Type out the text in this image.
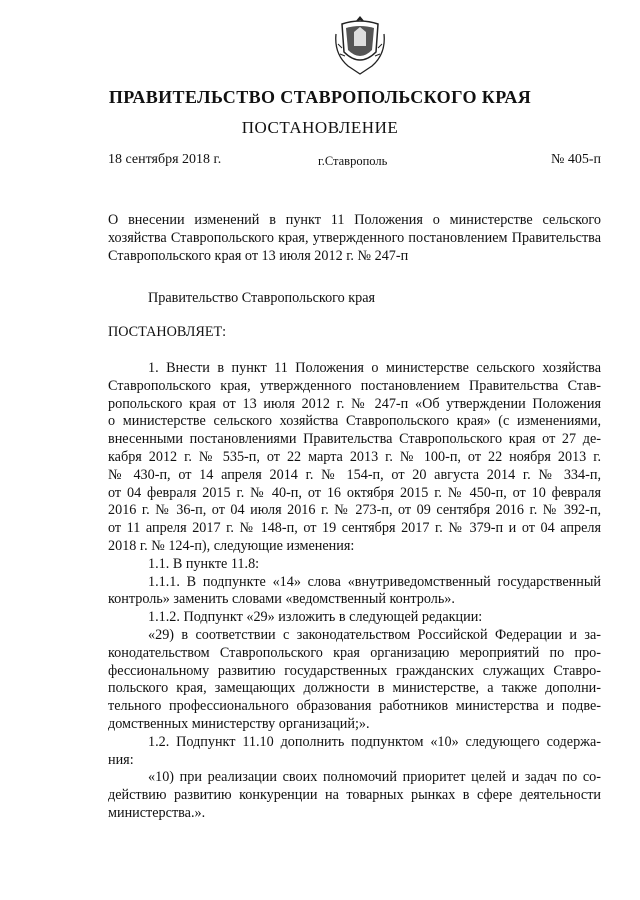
ПРАВИТЕЛЬСТВО СТАВРОПОЛЬСКОГО КРАЯ
ПОСТАНОВЛЕНИЕ
18 сентября 2018 г.	г.Ставрополь	№ 405-п
О внесении изменений в пункт 11 Положения о министерстве сельского хозяйства Ставропольского края, утвержденного постановлением Правительства Ставропольского края от 13 июля 2012 г. № 247-п
Правительство Ставропольского края
ПОСТАНОВЛЯЕТ:
1. Внести в пункт 11 Положения о министерстве сельского хозяйства
Ставропольского края, утвержденного постановлением Правительства Став-
ропольского края от 13 июля 2012 г. № 247-п «Об утверждении Положения
о министерстве сельского хозяйства Ставропольского края» (с изменениями,
внесенными постановлениями Правительства Ставропольского края от 27 де-
кабря 2012 г. № 535-п, от 22 марта 2013 г. № 100-п, от 22 ноября 2013 г.
№ 430-п, от 14 апреля 2014 г. № 154-п, от 20 августа 2014 г. № 334-п,
от 04 февраля 2015 г. № 40-п, от 16 октября 2015 г. № 450-п, от 10 февраля
2016 г. № 36-п, от 04 июля 2016 г. № 273-п, от 09 сентября 2016 г. № 392-п,
от 11 апреля 2017 г. № 148-п, от 19 сентября 2017 г. № 379-п и от 04 апреля
2018 г. № 124-п), следующие изменения:
1.1. В пункте 11.8:
1.1.1. В подпункте «14» слова «внутриведомственный государственный
контроль» заменить словами «ведомственный контроль».
1.1.2. Подпункт «29» изложить в следующей редакции:
«29) в соответствии с законодательством Российской Федерации и за-
конодательством Ставропольского края организацию мероприятий по про-
фессиональному развитию государственных гражданских служащих Ставро-
польского края, замещающих должности в министерстве, а также дополни-
тельного профессионального образования работников министерства и подве-
домственных министерству организаций;».
1.2. Подпункт 11.10 дополнить подпунктом «10» следующего содержа-
ния:
«10) при реализации своих полномочий приоритет целей и задач по со-
действию развитию конкуренции на товарных рынках в сфере деятельности
министерства.».
